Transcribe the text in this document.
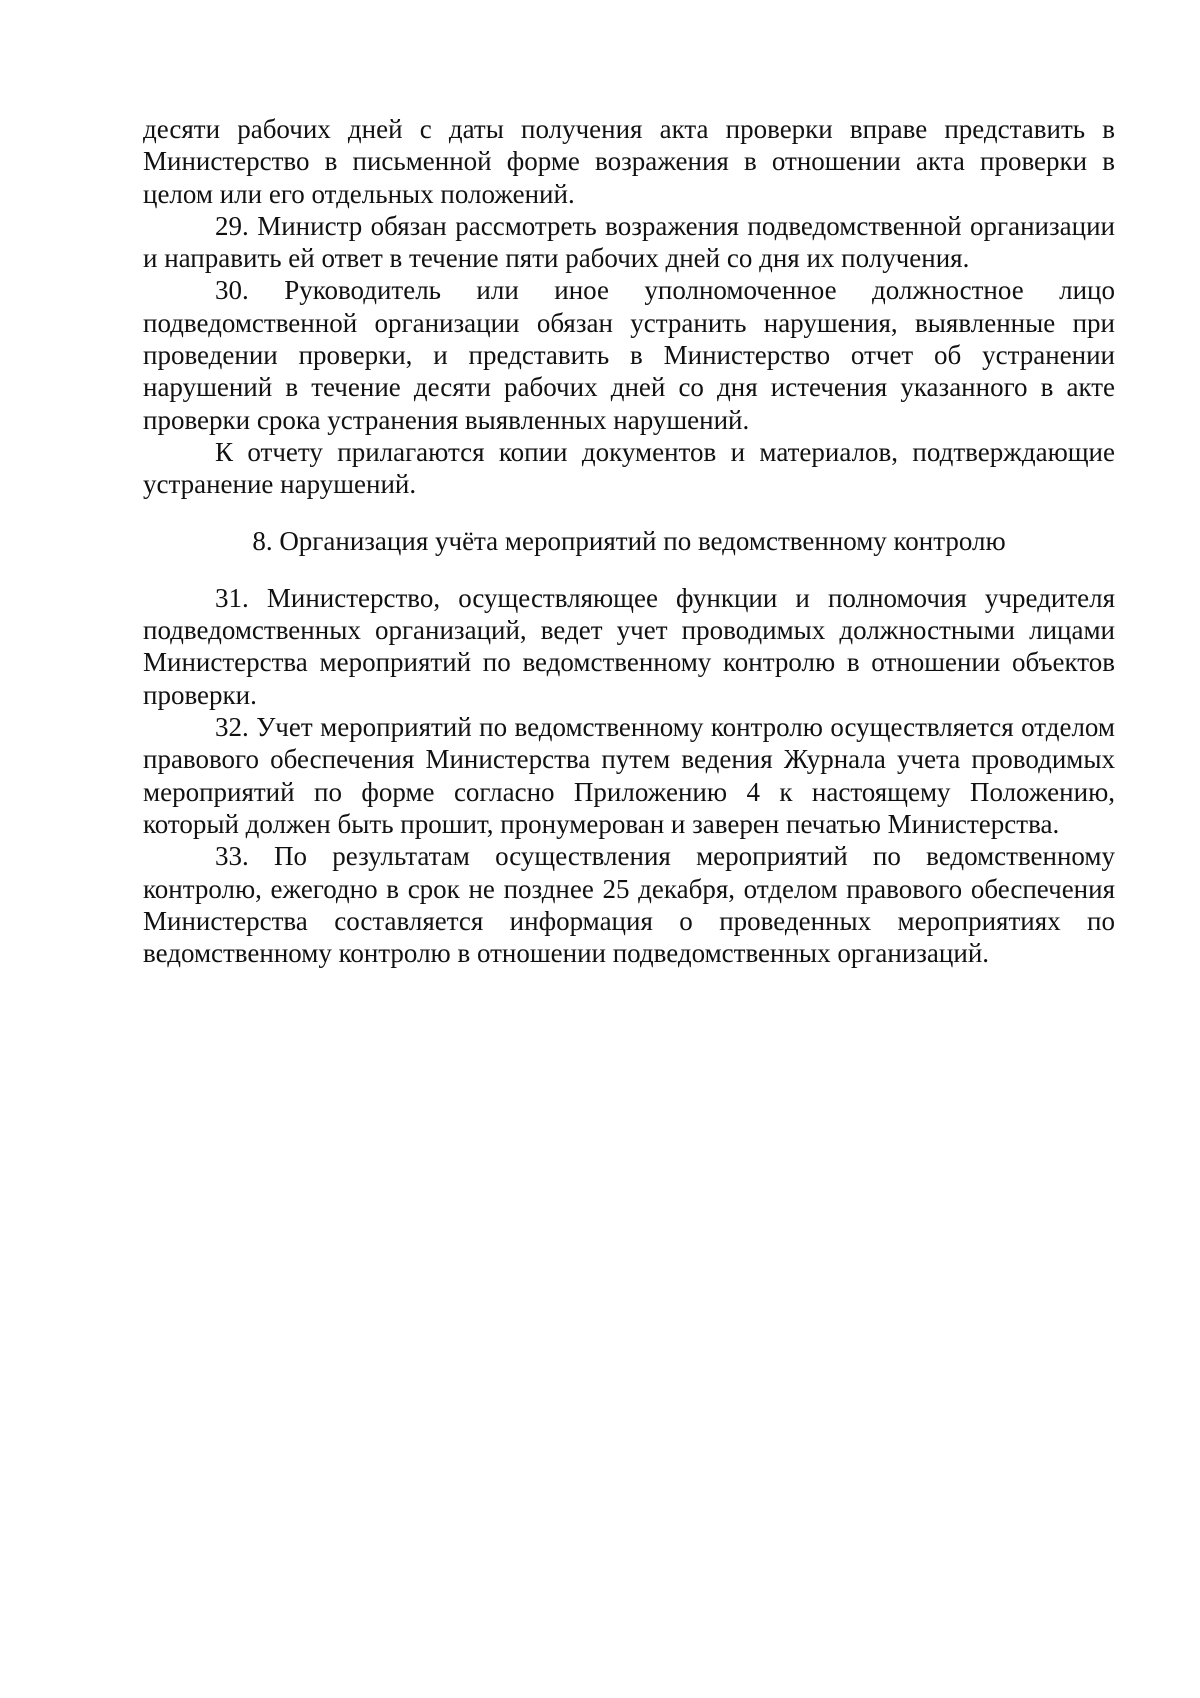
десяти рабочих дней с даты получения акта проверки вправе представить в Министерство в письменной форме возражения в отношении акта проверки в целом или его отдельных положений.

29. Министр обязан рассмотреть возражения подведомственной организации и направить ей ответ в течение пяти рабочих дней со дня их получения.

30. Руководитель или иное уполномоченное должностное лицо подведомственной организации обязан устранить нарушения, выявленные при проведении проверки, и представить в Министерство отчет об устранении нарушений в течение десяти рабочих дней со дня истечения указанного в акте проверки срока устранения выявленных нарушений.

К отчету прилагаются копии документов и материалов, подтверждающие устранение нарушений.

8. Организация учёта мероприятий по ведомственному контролю

31. Министерство, осуществляющее функции и полномочия учредителя подведомственных организаций, ведет учет проводимых должностными лицами Министерства мероприятий по ведомственному контролю в отношении объектов проверки.

32. Учет мероприятий по ведомственному контролю осуществляется отделом правового обеспечения Министерства путем ведения Журнала учета проводимых мероприятий по форме согласно Приложению 4 к настоящему Положению, который должен быть прошит, пронумерован и заверен печатью Министерства.

33. По результатам осуществления мероприятий по ведомственному контролю, ежегодно в срок не позднее 25 декабря, отделом правового обеспечения Министерства составляется информация о проведенных мероприятиях по ведомственному контролю в отношении подведомственных организаций.
